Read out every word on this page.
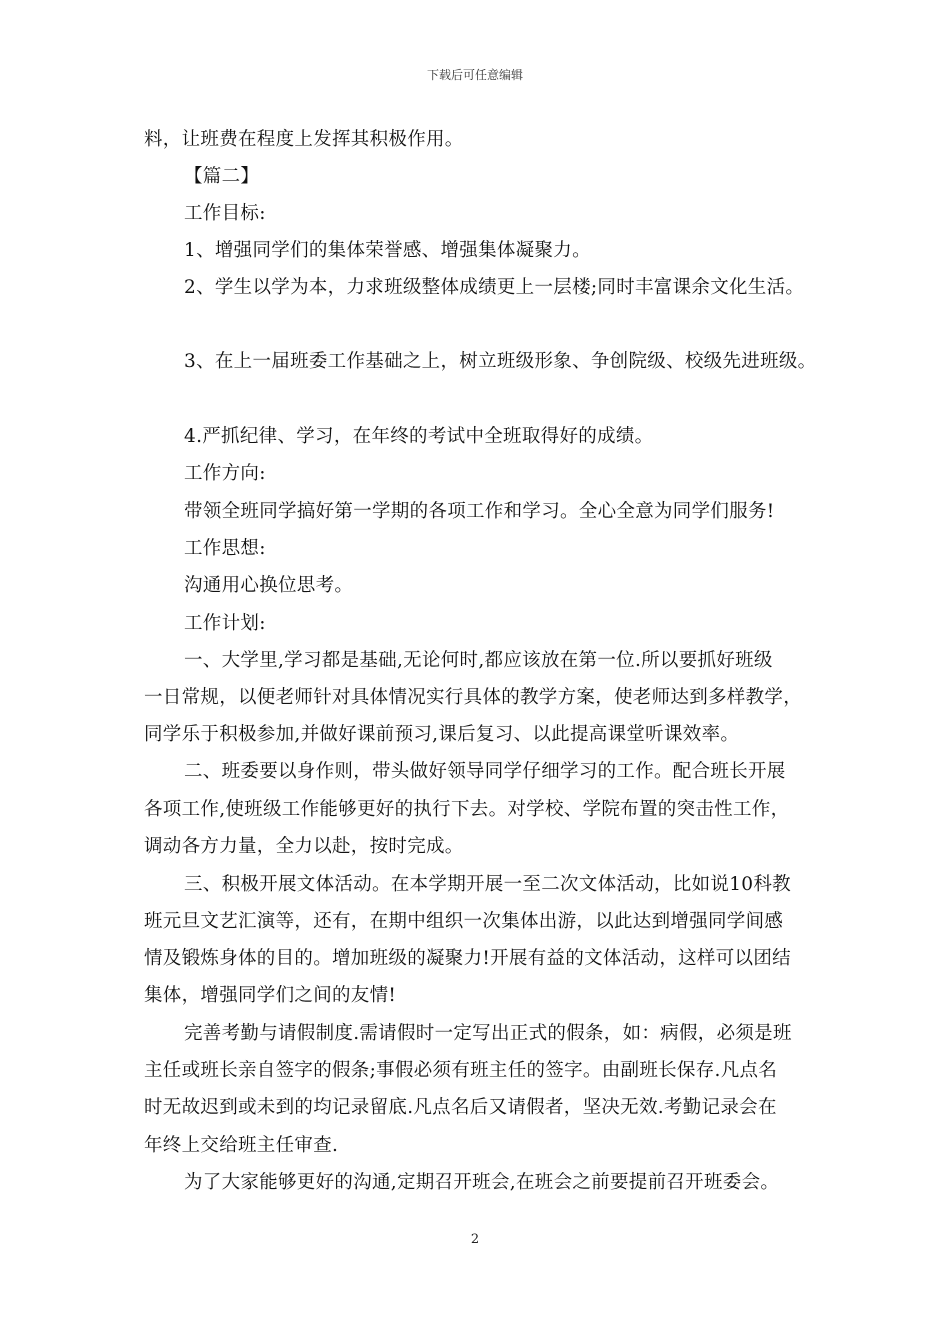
下载后可任意编辑
料，让班费在程度上发挥其积极作用。
【篇二】
工作目标:
1、增强同学们的集体荣誉感、增强集体凝聚力。
2、学生以学为本，力求班级整体成绩更上一层楼;同时丰富课余文化生活。
3、在上一届班委工作基础之上，树立班级形象、争创院级、校级先进班级。
4.严抓纪律、学习，在年终的考试中全班取得好的成绩。
工作方向:
带领全班同学搞好第一学期的各项工作和学习。全心全意为同学们服务!
工作思想:
沟通用心换位思考。
工作计划:
一、大学里,学习都是基础,无论何时,都应该放在第一位.所以要抓好班级
一日常规，以便老师针对具体情况实行具体的教学方案，使老师达到多样教学，
同学乐于积极参加,并做好课前预习,课后复习、以此提高课堂听课效率。
二、班委要以身作则，带头做好领导同学仔细学习的工作。配合班长开展
各项工作,使班级工作能够更好的执行下去。对学校、学院布置的突击性工作，
调动各方力量，全力以赴，按时完成。
三、积极开展文体活动。在本学期开展一至二次文体活动，比如说10科教
班元旦文艺汇演等，还有，在期中组织一次集体出游，以此达到增强同学间感
情及锻炼身体的目的。增加班级的凝聚力!开展有益的文体活动，这样可以团结
集体，增强同学们之间的友情!
完善考勤与请假制度.需请假时一定写出正式的假条，如：病假，必须是班
主任或班长亲自签字的假条;事假必须有班主任的签字。由副班长保存.凡点名
时无故迟到或未到的均记录留底.凡点名后又请假者，坚决无效.考勤记录会在
年终上交给班主任审查.
为了大家能够更好的沟通,定期召开班会,在班会之前要提前召开班委会。
2
